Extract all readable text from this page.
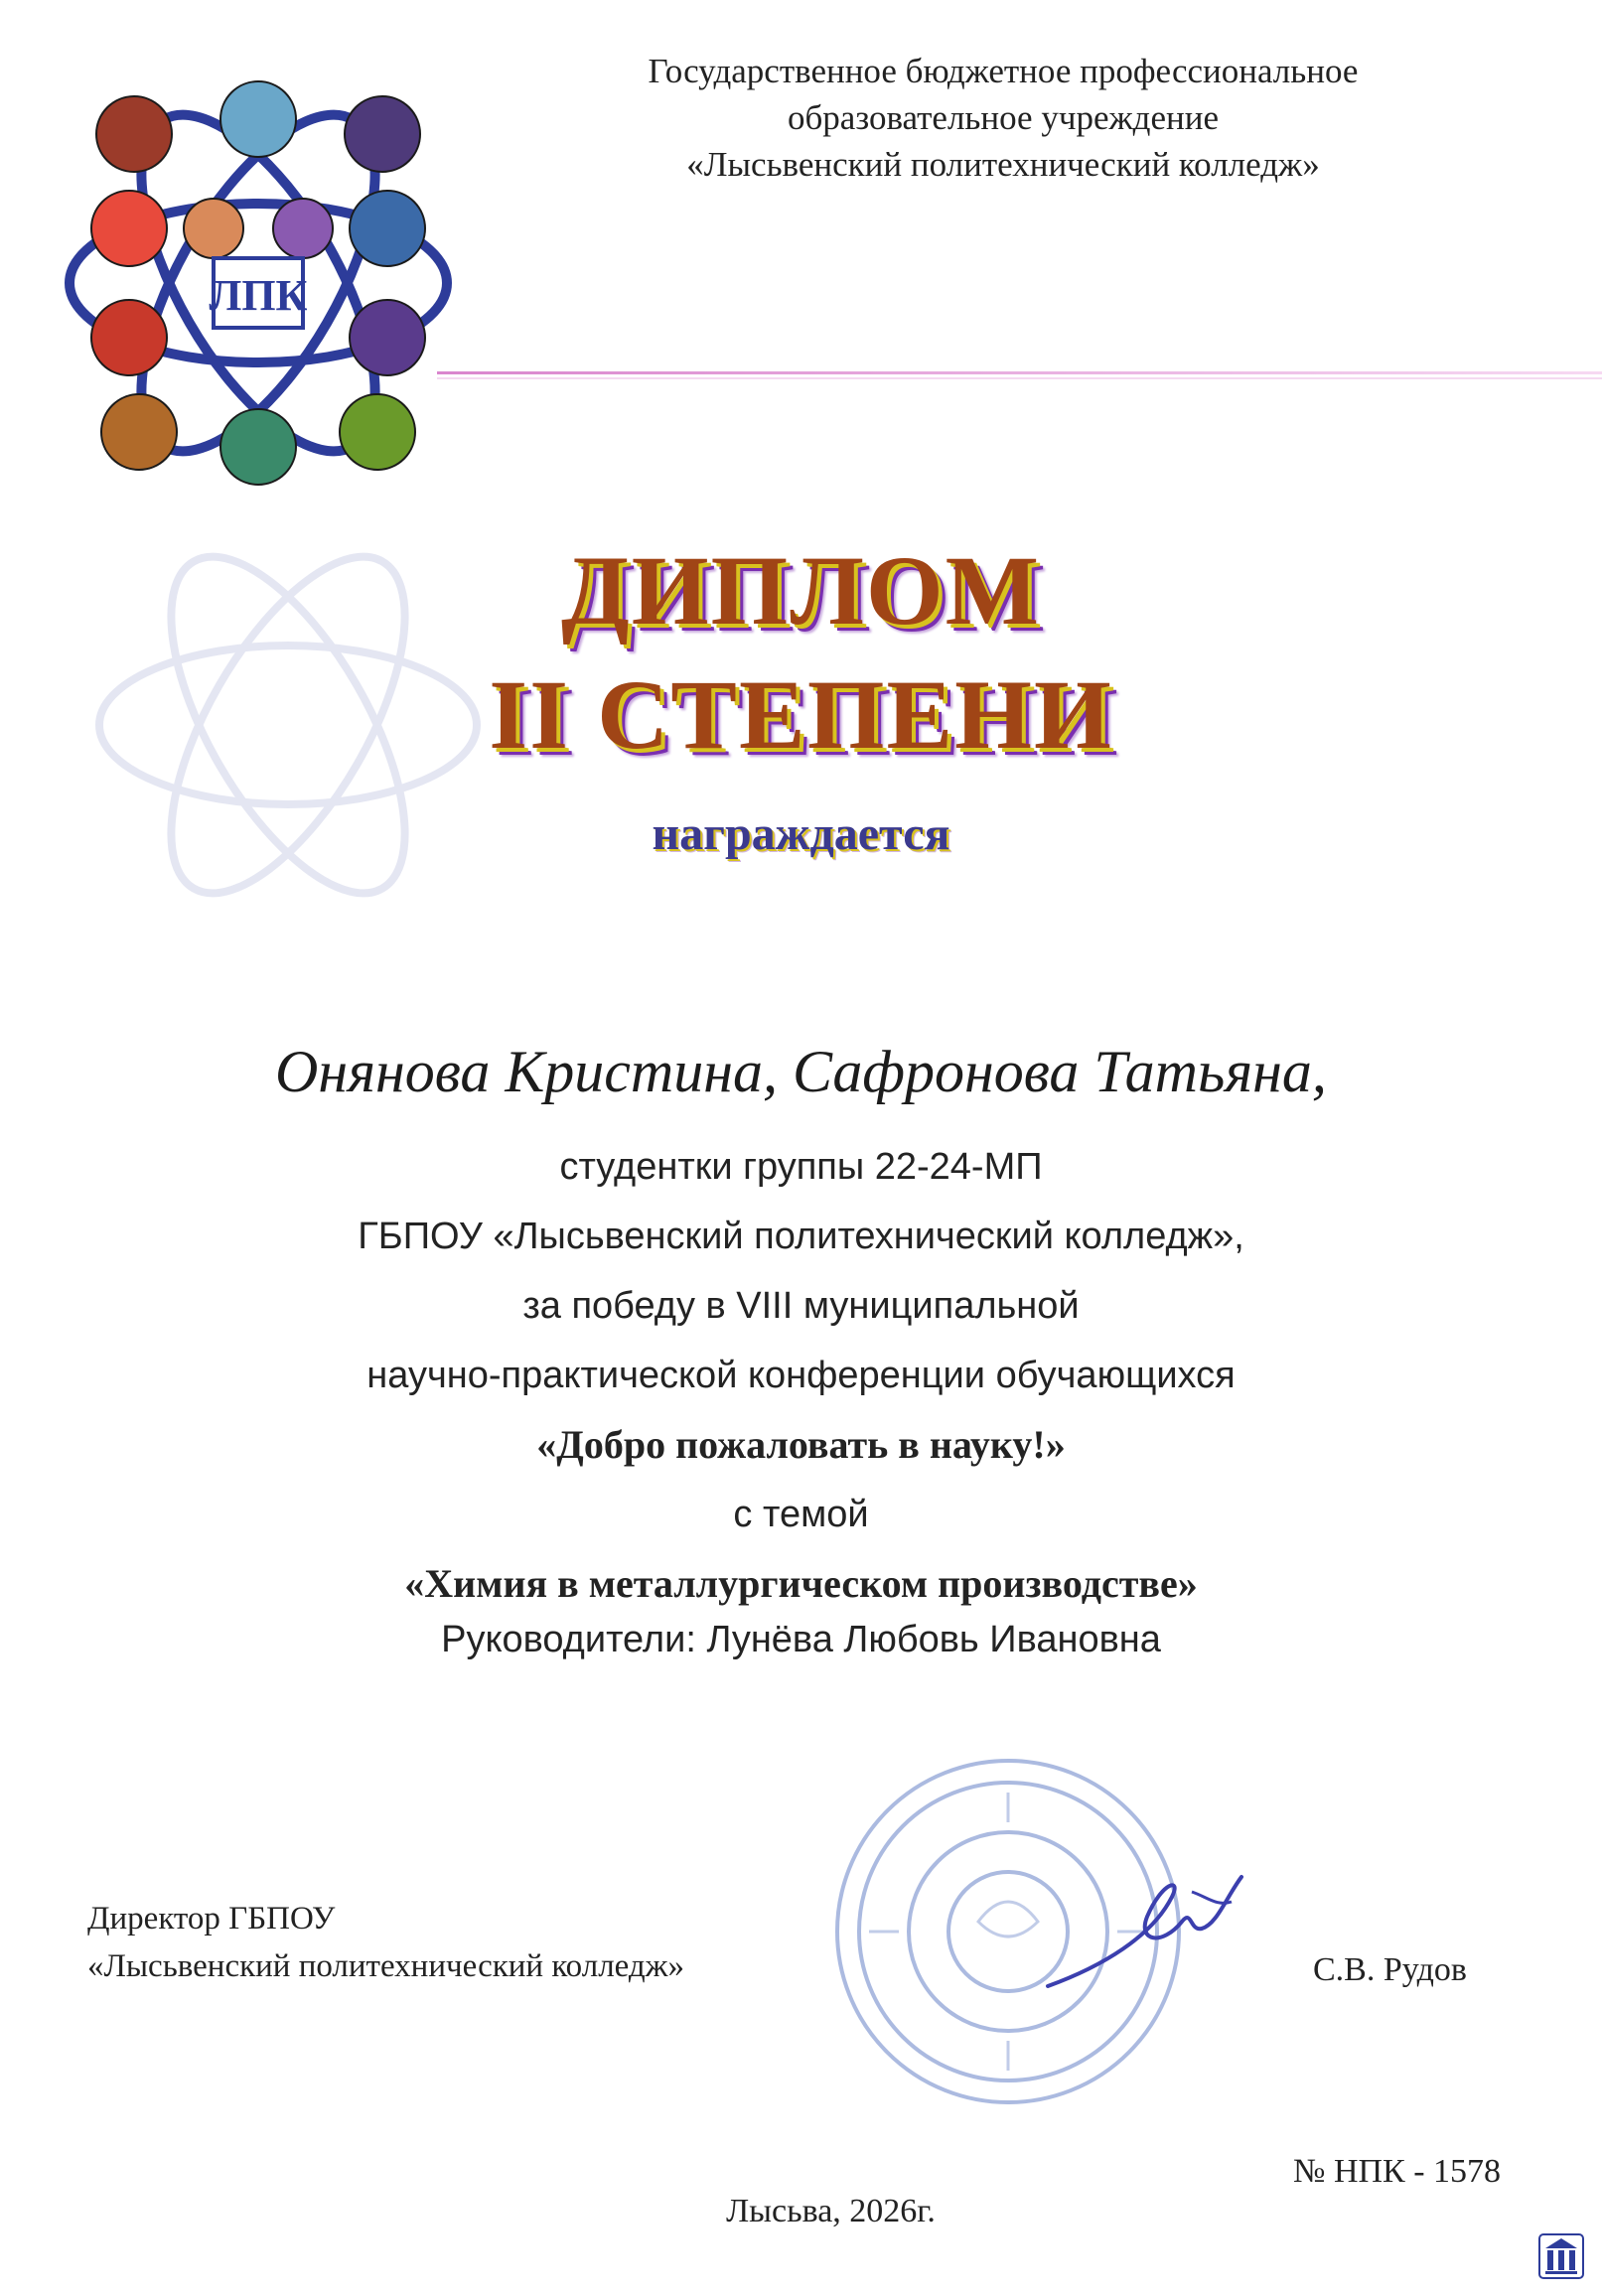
ЛПК
Государственное бюджетное профессиональное
образовательное учреждение
«Лысьвенский политехнический колледж»
ДИПЛОМ
II СТЕПЕНИ
награждается
Онянова Кристина, Сафронова Татьяна,
студентки группы 22-24-МП
ГБПОУ «Лысьвенский политехнический колледж»,
за победу в VIII муниципальной
научно-практической конференции обучающихся
«Добро пожаловать в науку!»
с темой
«Химия в металлургическом производстве»
Руководители: Лунёва Любовь Ивановна
Директор ГБПОУ
«Лысьвенский политехнический колледж»	С.В. Рудов
№ НПК - 1578
Лысьва, 2026г.
